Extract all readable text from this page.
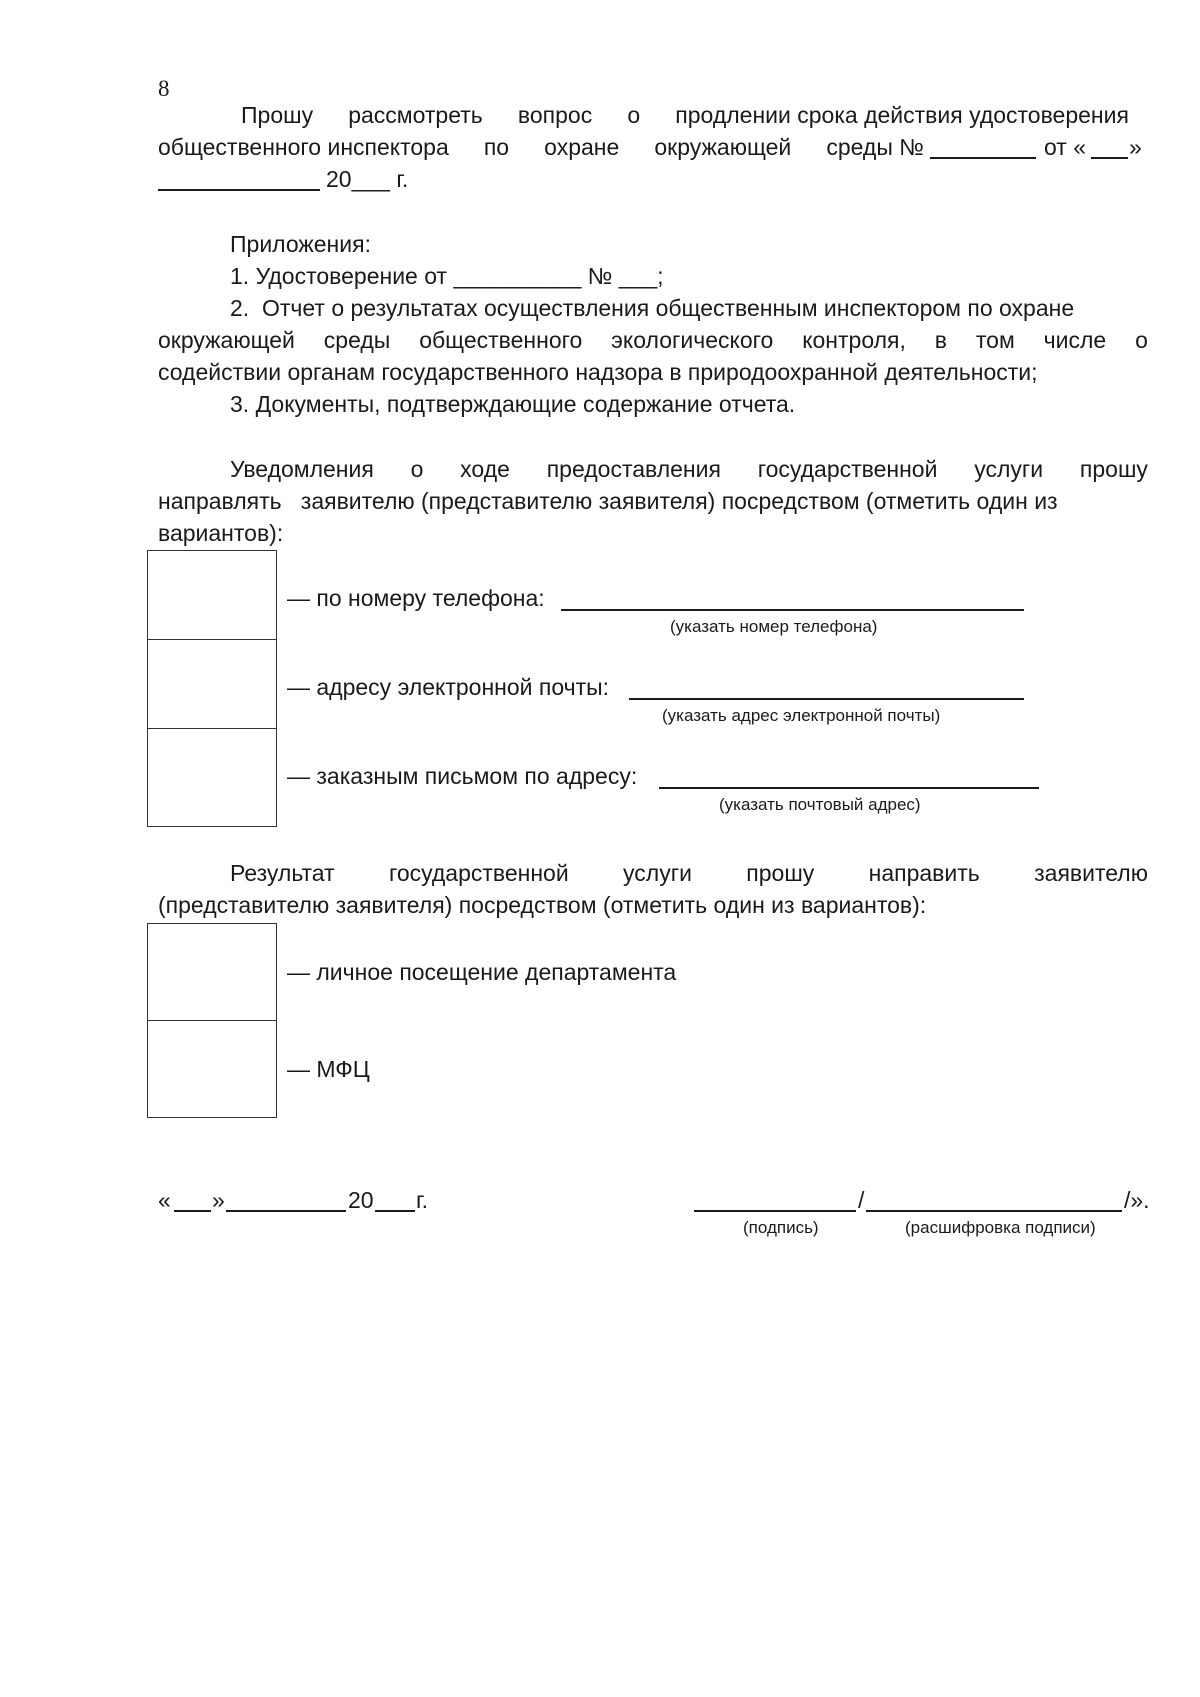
8
Прошу рассмотреть вопрос о продлении срока действия удостоверения
общественного инспектора по охране окружающей среды №	от « »
20___ г.
Приложения:
1. Удостоверение от __________ № ___;
2.  Отчет о результатах осуществления общественным инспектором по охране
окружающей среды общественного экологического контроля, в том числе о
содействии органам государственного надзора в природоохранной деятельности;
3. Документы, подтверждающие содержание отчета.
Уведомления о ходе предоставления государственной услуги прошу
направлять   заявителю (представителю заявителя) посредством (отметить один из
вариантов):
— по номеру телефона:
(указать номер телефона)
— адресу электронной почты:
(указать адрес электронной почты)
— заказным письмом по адресу:
(указать почтовый адрес)
Результат государственной услуги прошу направить заявителю
(представителю заявителя) посредством (отметить один из вариантов):
— личное посещение департамента
— МФЦ
« »	20 г.	/	/».
(подпись)	(расшифровка подписи)
